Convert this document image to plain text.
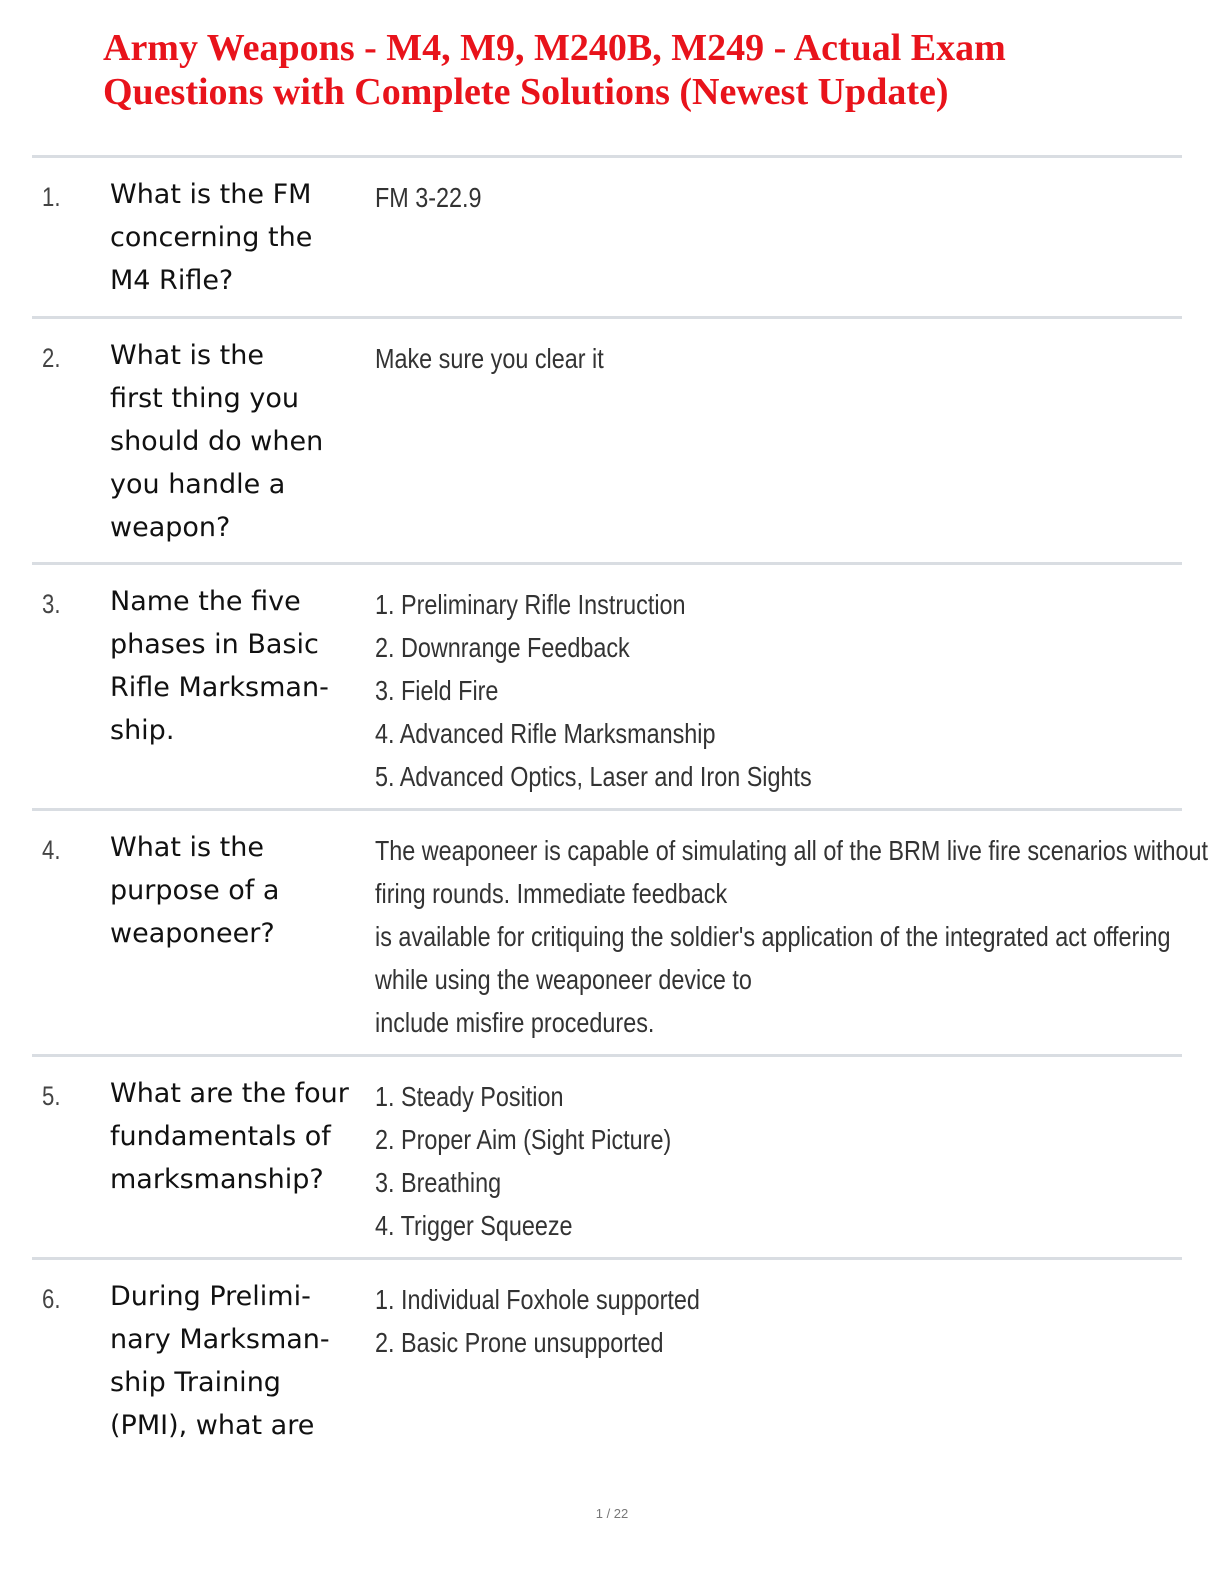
Army Weapons - M4, M9, M240B, M249 - Actual Exam
Questions with Complete Solutions (Newest Update)
1. What is the FM
concerning the
M4 Rifle?
FM 3-22.9
2. What is the
first thing you
should do when
you handle a
weapon?
Make sure you clear it
3. Name the five
phases in Basic
Rifle Marksman-
ship.
1. Preliminary Rifle Instruction
2. Downrange Feedback
3. Field Fire
4. Advanced Rifle Marksmanship
5. Advanced Optics, Laser and Iron Sights
4. What is the
purpose of a
weaponeer?
The weaponeer is capable of simulating all of the BRM live fire scenarios without
firing rounds. Immediate feedback
is available for critiquing the soldier's application of the integrated act offering
while using the weaponeer device to
include misfire procedures.
5. What are the four
fundamentals of
marksmanship?
1. Steady Position
2. Proper Aim (Sight Picture)
3. Breathing
4. Trigger Squeeze
6. During Prelimi-
nary Marksman-
ship Training
(PMI), what are
1. Individual Foxhole supported
2. Basic Prone unsupported
1 / 22
